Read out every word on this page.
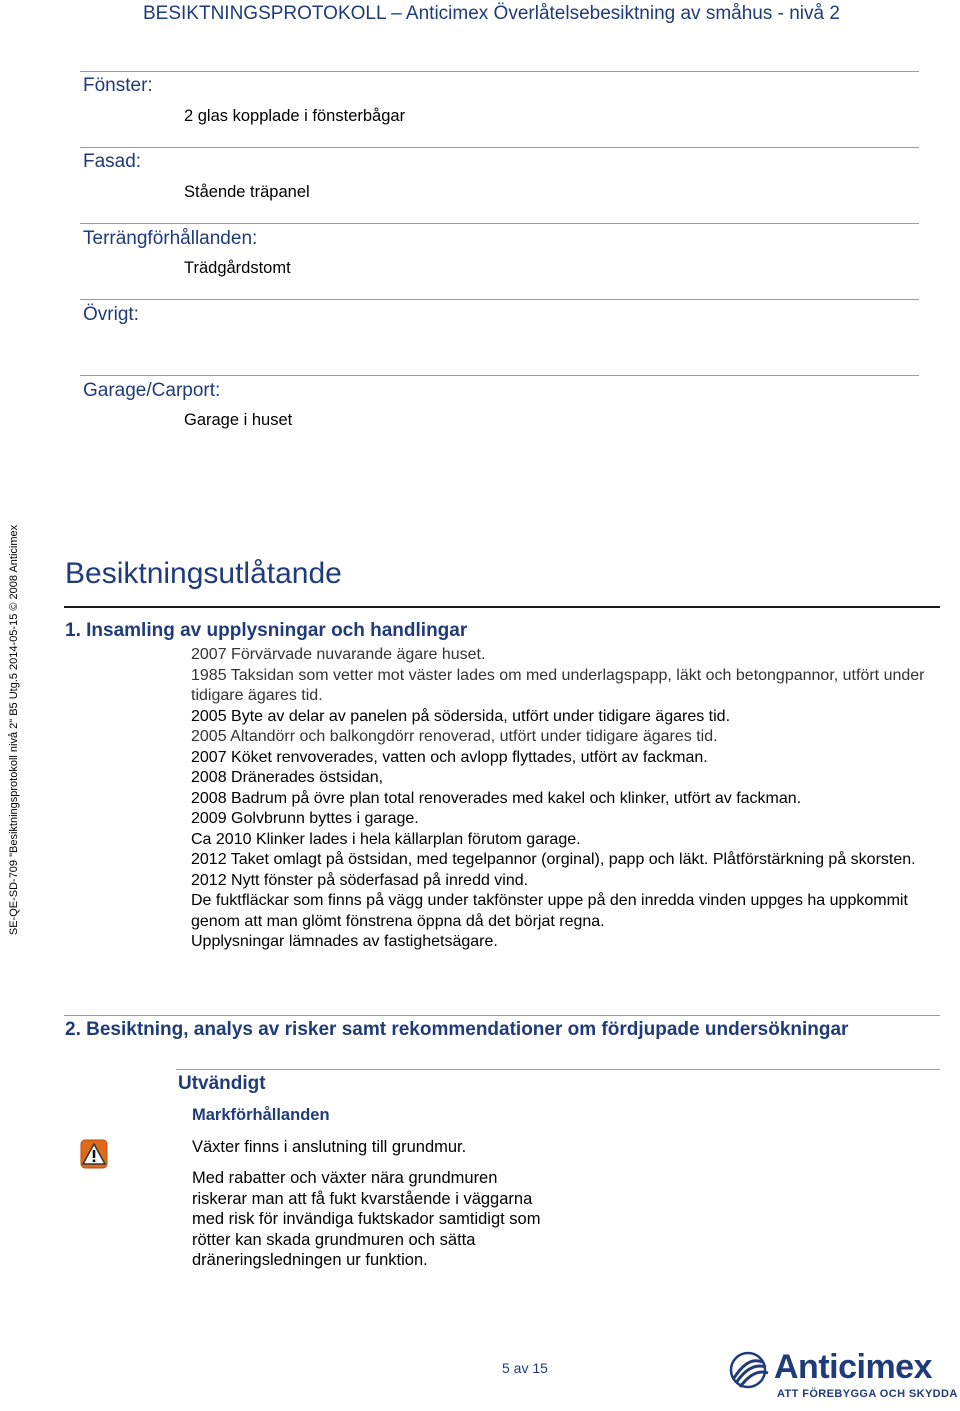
BESIKTNINGSPROTOKOLL – Anticimex Överlåtelsebesiktning av småhus - nivå 2
SE-QE-SD-709 "Besiktningsprotokoll nivå 2" B5 Utg.5 2014-05-15 © 2008 Anticimex
Fönster:
2 glas kopplade i fönsterbågar
Fasad:
Stående träpanel
Terrängförhållanden:
Trädgårdstomt
Övrigt:
Garage/Carport:
Garage i huset
Besiktningsutlåtande
1. Insamling av upplysningar och handlingar
2007 Förvärvade nuvarande ägare huset.
1985 Taksidan som vetter mot väster lades om med underlagspapp, läkt och betongpannor, utfört under tidigare ägares tid.
2005 Byte av delar av panelen på södersida, utfört under tidigare ägares tid.
2005 Altandörr och balkongdörr renoverad, utfört under tidigare ägares tid.
2007 Köket renvoverades, vatten och avlopp flyttades, utfört av fackman.
2008 Dränerades östsidan,
2008 Badrum på övre plan total renoverades med kakel och klinker, utfört av fackman.
2009 Golvbrunn byttes i garage.
Ca 2010 Klinker lades i hela källarplan förutom garage.
2012 Taket omlagt på östsidan, med tegelpannor (orginal), papp och läkt. Plåtförstärkning på skorsten.
2012 Nytt fönster på söderfasad på inredd vind.
De fuktfläckar som finns på vägg under takfönster uppe på den inredda vinden uppges ha uppkommit genom att man glömt fönstrena öppna då det börjat regna.
Upplysningar lämnades av fastighetsägare.
2. Besiktning, analys av risker samt rekommendationer om fördjupade undersökningar
Utvändigt
Markförhållanden
Växter finns i anslutning till grundmur.

Med rabatter och växter nära grundmuren riskerar man att få fukt kvarstående i väggarna med risk för invändiga fuktskador samtidigt som rötter kan skada grundmuren och sätta dräneringsledningen ur funktion.

5 av 15	Anticimex
ATT FÖREBYGGA OCH SKYDDA
